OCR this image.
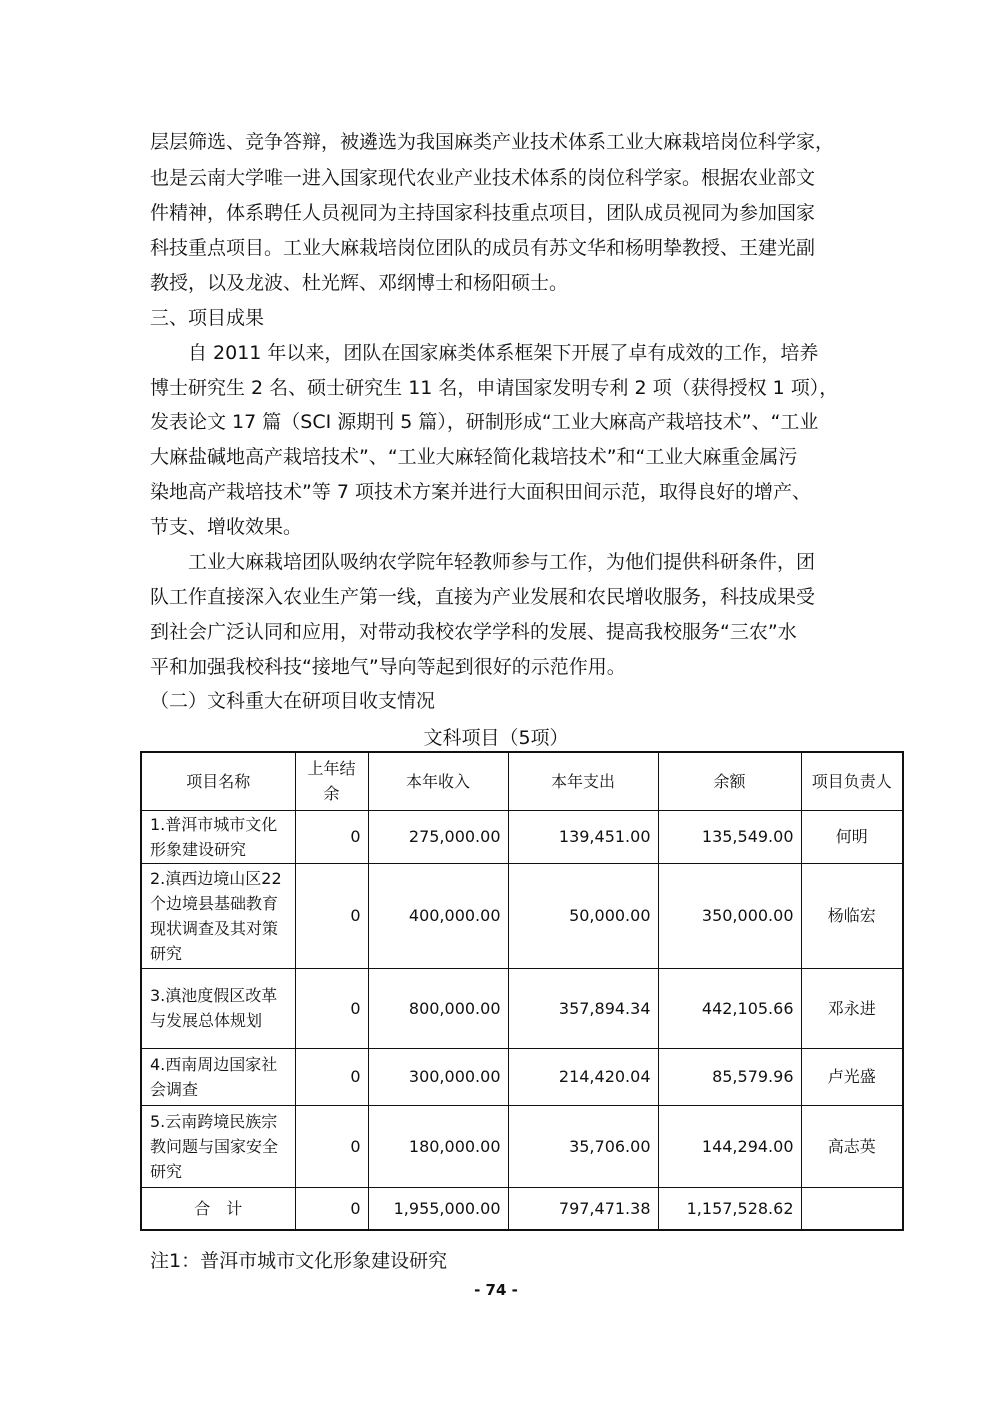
层层筛选、竞争答辩，被遴选为我国麻类产业技术体系工业大麻栽培岗位科学家，
也是云南大学唯一进入国家现代农业产业技术体系的岗位科学家。根据农业部文
件精神，体系聘任人员视同为主持国家科技重点项目，团队成员视同为参加国家
科技重点项目。工业大麻栽培岗位团队的成员有苏文华和杨明挚教授、王建光副
教授，以及龙波、杜光辉、邓纲博士和杨阳硕士。
三、项目成果
　　自 2011 年以来，团队在国家麻类体系框架下开展了卓有成效的工作，培养
博士研究生 2 名、硕士研究生 11 名，申请国家发明专利 2 项（获得授权 1 项），
发表论文 17 篇（SCI 源期刊 5 篇），研制形成“工业大麻高产栽培技术”、“工业
大麻盐碱地高产栽培技术”、“工业大麻轻简化栽培技术”和“工业大麻重金属污
染地高产栽培技术”等 7 项技术方案并进行大面积田间示范，取得良好的增产、
节支、增收效果。
　　工业大麻栽培团队吸纳农学院年轻教师参与工作，为他们提供科研条件，团
队工作直接深入农业生产第一线，直接为产业发展和农民增收服务，科技成果受
到社会广泛认同和应用，对带动我校农学学科的发展、提高我校服务“三农”水
平和加强我校科技“接地气”导向等起到很好的示范作用。
（二）文科重大在研项目收支情况
文科项目（5项）
项目名称	上年结余	本年收入	本年支出	余额	项目负责人
1.普洱市城市文化形象建设研究	0	275,000.00	139,451.00	135,549.00	何明
2.滇西边境山区22个边境县基础教育现状调查及其对策研究	0	400,000.00	50,000.00	350,000.00	杨临宏
3.滇池度假区改革与发展总体规划	0	800,000.00	357,894.34	442,105.66	邓永进
4.西南周边国家社会调查	0	300,000.00	214,420.04	85,579.96	卢光盛
5.云南跨境民族宗教问题与国家安全研究	0	180,000.00	35,706.00	144,294.00	高志英
合　计	0	1,955,000.00	797,471.38	1,157,528.62	
注1：普洱市城市文化形象建设研究
- 74 -
